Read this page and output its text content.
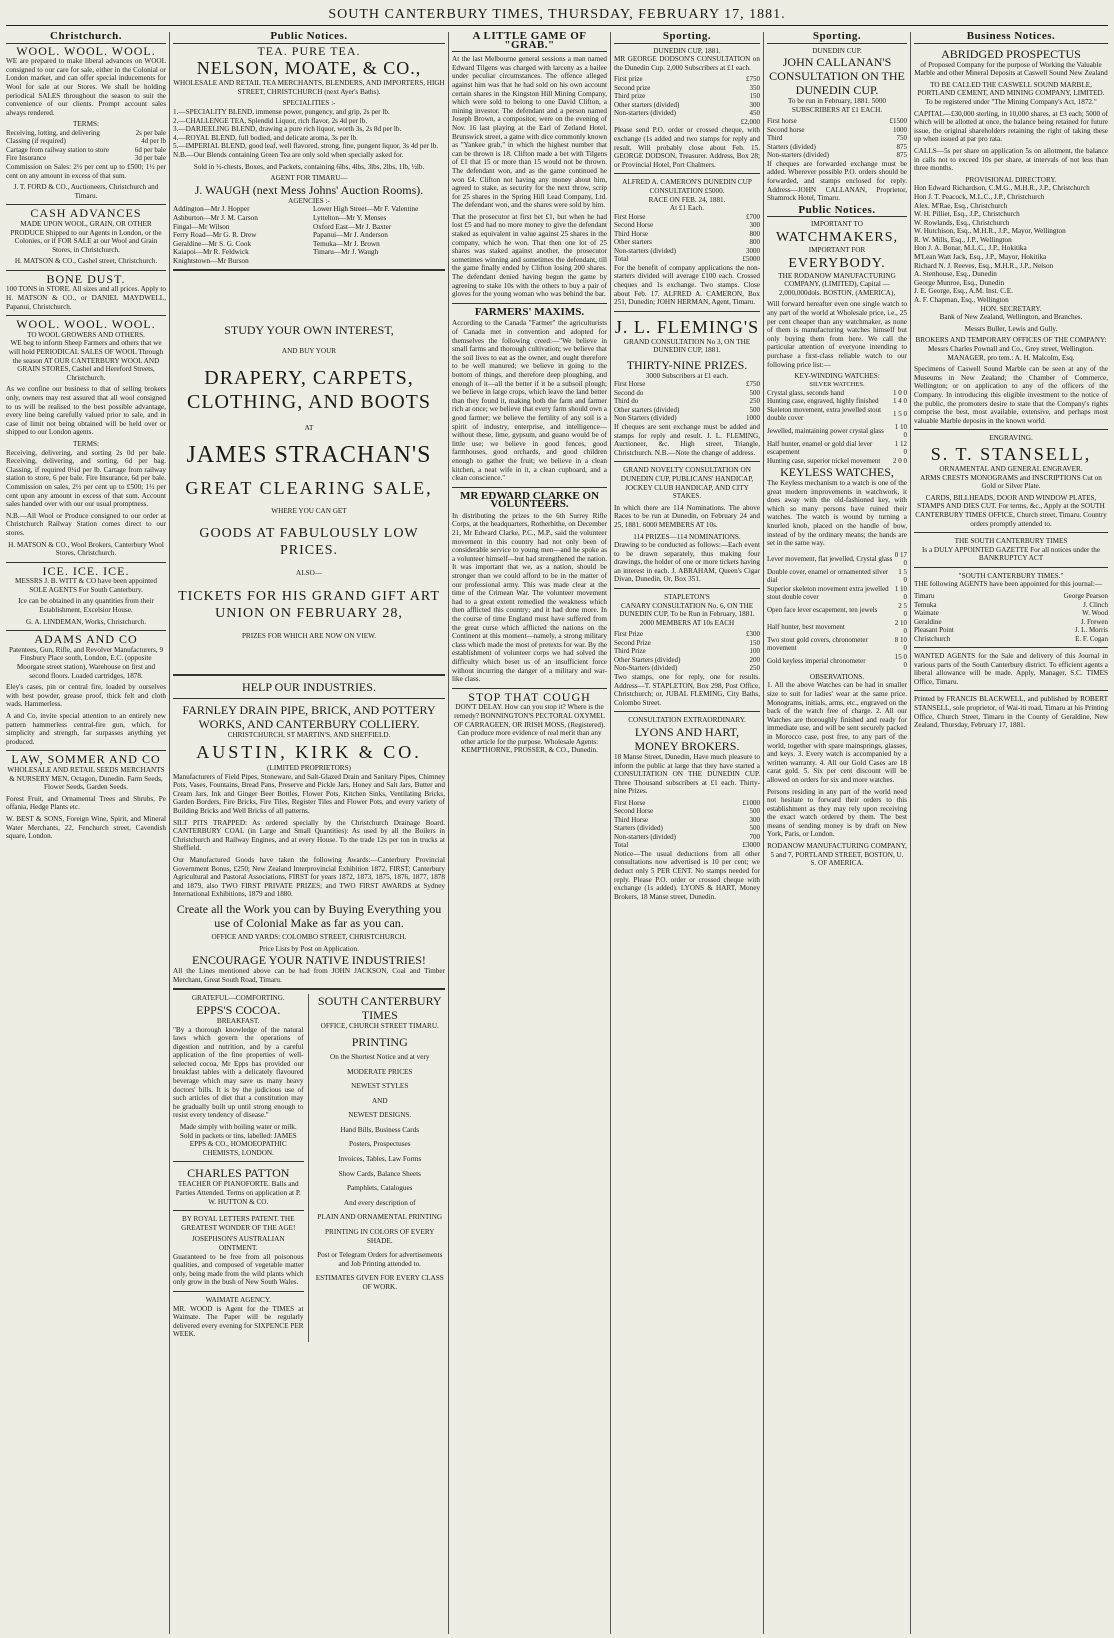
SOUTH CANTERBURY TIMES, THURSDAY, FEBRUARY 17, 1881.
Christchurch.
WOOL. WOOL. WOOL.

WE are prepared to make liberal advances on WOOL consigned to our care for sale, either in the Colonial or London market, and can offer special inducements for Wool for sale at our Stores. We shall be holding periodical SALES throughout the season to suit the convenience of our clients. Prompt account sales always rendered.

TERMS:
Receiving, lotting, and delivering	2s per bale
Classing (if required)	4d per lb
Cartage from railway station to store	6d per bale
Fire Insurance	3d per bale

Commission on Sales: 2½ per cent up to £500; 1½ per cent on any amount in excess of that sum.

J. T. FORD & CO., Auctioneers, Christchurch and Timaru.

CASH ADVANCES

MADE UPON WOOL, GRAIN, OR OTHER PRODUCE Shipped to our Agents in London, or the Colonies, or if FOR SALE at our Wool and Grain Stores, in Christchurch.

H. MATSON & CO., Cashel street, Christchurch.

BONE DUST.

100 TONS in STORE. All sizes and all prices. Apply to H. MATSON & CO., or DANIEL MAYDWELL, Papanui, Christchurch.

WOOL. WOOL. WOOL.
TO WOOL GROWERS AND OTHERS.

WE beg to inform Sheep Farmers and others that we will hold PERIODICAL SALES OF WOOL Through the season AT OUR CANTERBURY WOOL AND GRAIN STORES, Cashel and Hereford Streets, Christchurch.

As we confine our business to that of selling brokers only, owners may rest assured that all wool consigned to us will be realised to the best possible advantage, every line being carefully valued prior to sale, and in case of limit not being obtained will be held over or shipped to our London agents.

TERMS:

Receiving, delivering, and sorting 2s 0d per bale. Receiving, delivering, and sorting, 6d per bag. Classing, if required 0¼d per lb. Cartage from railway station to store, 6 per bale. Fire Insurance, 6d per bale. Commission on sales, 2½ per cent up to £500; 1½ per cent upon any amount in excess of that sum. Account sales handed over with our our usual promptness.

N.B.—All Wool or Produce consigned to our order at Christchurch Railway Station comes direct to our stores.

H. MATSON & CO., Wool Brokers, Canterbury Wool Stores, Christchurch.

ICE. ICE. ICE.

MESSRS J. B. WITT & CO have been appointed SOLE AGENTS For South Canterbury.

Ice can be obtained in any quantities from their Establishment, Excelsior House.

G. A. LINDEMAN, Works, Christchurch.

ADAMS AND CO

Patentees, Gun, Rifle, and Revolver Manufacturers, 9 Finsbury Place south, London, E.C. (opposite Moorgate street station), Warehouse on first and second floors. Loaded cartridges, 1878.

Eley's cases, pin or central fire, loaded by ourselves with best powder, grease proof, thick felt and cloth wads. Hammerless.

A and Co, invite special attention to an entirely new pattern hammerless central-fire gun, which, for simplicity and strength, far surpasses anything yet produced.

LAW, SOMMER AND CO

WHOLESALE AND RETAIL SEEDS MERCHANTS & NURSERY MEN, Octagon, Dunedin. Farm Seeds, Flower Seeds, Garden Seeds.

Forest Fruit, and Ornamental Trees and Shrubs, Pe offania, Hedge Plants etc.

W. BEST & SONS, Foreign Wine, Spirit, and Mineral Water Merchants, 22, Fenchurch street, Cavendish square, London.

Public Notices.
TEA. PURE TEA.
NELSON, MOATE, & CO.,

WHOLESALE AND RETAIL TEA MERCHANTS, BLENDERS, AND IMPORTERS, HIGH STREET, CHRISTCHURCH (next Ayer's Baths).

SPECIALITIES :-
1.—SPECIALITY BLEND, immense power, pungency, and grip, 2s per lb.
2.—CHALLENGE TEA, Splendid Liquor, rich flavor, 2s 4d per lb.
3.—DARJEELING BLEND, drawing a pure rich liquor, worth 3s, 2s 8d per lb.
4.—ROYAL BLEND, full bodied, and delicate aroma, 3s per lb.
5.—IMPERIAL BLEND, good leaf, well flavored, strong, fine, pungent liquor, 3s 4d per lb.

N.B.—Our Blends containing Green Tea are only sold when specially asked for.

Sold in ½-chests, Boxes, and Packets, containing 6lbs, 4lbs, 3lbs, 2lbs, 1lb, ½lb.

AGENT FOR TIMARU—
J. WAUGH (next Mess Johns' Auction Rooms).
AGENCIES :-
Addington—Mr J. Hopper
Ashburton—Mr J. M. Carson
Fingal—Mr Wilson
Ferry Road—Mr G. R. Drew
Geraldine—Mr S. G. Cook
Kaiapoi—Mr R. Feldwick
Knightstown—Mr Burson
Lower High Street—Mr F. Valentine
Lyttelton—Mr Y. Menses
Oxford East—Mr J. Baxter
Papanui—Mr J. Anderson
Temuka—Mr J. Brown
Timaru—Mr J. Waugh
STUDY YOUR OWN INTEREST,
AND BUY YOUR
DRAPERY, CARPETS, CLOTHING, AND BOOTS
AT
JAMES STRACHAN'S
GREAT CLEARING SALE,
WHERE YOU CAN GET
GOODS AT FABULOUSLY LOW PRICES.
ALSO—
TICKETS FOR HIS GRAND GIFT ART UNION ON FEBRUARY 28,
PRIZES FOR WHICH ARE NOW ON VIEW.
HELP OUR INDUSTRIES.
FARNLEY DRAIN PIPE, BRICK, AND POTTERY WORKS, AND CANTERBURY COLLIERY.
CHRISTCHURCH, ST MARTIN'S, AND SHEFFIELD.
AUSTIN, KIRK & CO.
(LIMITED PROPRIETORS)

Manufacturers of Field Pipes, Stoneware, and Salt-Glazed Drain and Sanitary Pipes, Chimney Pots, Vases, Fountains, Bread Pans, Preserve and Pickle Jars, Honey and Salt Jars, Butter and Cream Jars, Ink and Ginger Beer Bottles, Flower Pots, Kitchen Sinks, Ventilating Bricks, Garden Borders, Fire Bricks, Fire Tiles, Register Tiles and Flower Pots, and every variety of Building Bricks and Well Bricks of all patterns.

SILT PITS TRAPPED: As ordered specially by the Christchurch Drainage Board. CANTERBURY COAL (in Large and Small Quantities): As used by all the Boilers in Christchurch and Railway Engines, and at every House. To the trade 12s per ton in trucks at Sheffield.

Our Manufactured Goods have taken the following Awards:—Canterbury Provincial Government Bonus, £250; New Zealand Interprovincial Exhibition 1872, FIRST; Canterbury Agricultural and Pastoral Associations, FIRST for years 1872, 1873, 1875, 1876, 1877, 1878 and 1879, also TWO FIRST PRIVATE PRIZES; and TWO FIRST AWARDS at Sydney International Exhibitions, 1879 and 1880.

Create all the Work you can by Buying Everything you use of Colonial Make as far as you can.
OFFICE AND YARDS: COLOMBO STREET, CHRISTCHURCH.
Price Lists by Post on Application.
ENCOURAGE YOUR NATIVE INDUSTRIES!

All the Lines mentioned above can be had from JOHN JACKSON, Coal and Timber Merchant, Great South Road, Timaru.

GRATEFUL—COMFORTING.
EPPS'S COCOA.
BREAKFAST.

"By a thorough knowledge of the natural laws which govern the operations of digestion and nutrition, and by a careful application of the fine properties of well-selected cocoa, Mr Epps has provided our breakfast tables with a delicately flavoured beverage which may save us many heavy doctors' bills. It is by the judicious use of such articles of diet that a constitution may be gradually built up until strong enough to resist every tendency of disease."

Made simply with boiling water or milk. Sold in packets or tins, labelled: JAMES EPPS & CO., HOMOEOPATHIC CHEMISTS, LONDON.

CHARLES PATTON

TEACHER OF PIANOFORTE. Balls and Parties Attended. Terms on application at P. W. HUTTON & CO.

BY ROYAL LETTERS PATENT. THE GREATEST WONDER OF THE AGE!

JOSEPHSON'S AUSTRALIAN OINTMENT.

Guaranteed to be free from all poisonous qualities, and composed of vegetable matter only, being made from the wild plants which only grow in the bush of New South Wales.

WAIMATE AGENCY.

MR. WOOD is Agent for the TIMES at Waimate. The Paper will be regularly delivered every evening for SIXPENCE PER WEEK.

SOUTH CANTERBURY TIMES
OFFICE, CHURCH STREET TIMARU.
PRINTING
On the Shortest Notice and at very
MODERATE PRICES
NEWEST STYLES
AND
NEWEST DESIGNS.
Hand Bills, Business Cards
Posters, Prospectuses
Invoices, Tables, Law Forms
Show Cards, Balance Sheets
Pamphlets, Catalogues
And every description of
PLAIN AND ORNAMENTAL PRINTING
PRINTING IN COLORS OF EVERY SHADE.
Post or Telegram Orders for advertisements and Job Printing attended to.
ESTIMATES GIVEN FOR EVERY CLASS OF WORK.
A LITTLE GAME OF "GRAB."

At the last Melbourne general sessions a man named Edward Tilgens was charged with larceny as a bailee under peculiar circumstances. The offence alleged against him was that he had sold on his own account certain shares in the Kingston Hill Mining Company, which were sold to belong to one David Clifton, a mining investor. The defendant and a person named Joseph Brown, a compositor, were on the evening of Nov. 16 last playing at the Earl of Zetland Hotel, Brunswick street, a game with dice commonly known as "Yankee grab," in which the highest number that can be thrown is 18. Clifton made a bet with Tilgens of £1 that 15 or more than 15 would not be thrown. The defendant won, and as the game continued he won £4. Clifton not having any money about him, agreed to stake, as security for the next throw, scrip for 25 shares in the Spring Hill Lead Company, Ltd. The defendant won, and the shares were sold by him.

That the prosecutor at first bet £1, but when he had lost £5 and had no more money to give the defendant staked as equivalent in value against 25 shares in the company, which he won. That then one lot of 25 shares was staked against another, the prosecutor sometimes winning and sometimes the defendant, till the game finally ended by Clifton losing 200 shares. The defendant denied having begun the game by agreeing to stake 10s with the others to buy a pair of gloves for the young woman who was behind the bar.

FARMERS' MAXIMS.

According to the Canada "Farmer" the agriculturists of Canada met in convention and adopted for themselves the following creed:—"We believe in small farms and thorough cultivation; we believe that the soil lives to eat as the owner, and ought therefore to be well manured; we believe in going to the bottom of things, and therefore deep ploughing, and enough of it—all the better if it be a subsoil plough; we believe in large crops, which leave the land better than they found it, making both the farm and farmer rich at once; we believe that every farm should own a good farmer; we believe the fertility of any soil is a spirit of industry, enterprise, and intelligence—without these, lime, gypsum, and guano would be of little use; we believe in good fences, good farmhouses, good orchards, and good children enough to gather the fruit; we believe in a clean kitchen, a neat wife in it, a clean cupboard, and a clean conscience."

MR EDWARD CLARKE ON VOLUNTEERS.

In distributing the prizes to the 6th Surrey Rifle Corps, at the headquarters, Rotherhithe, on December 21, Mr Edward Clarke, P.C., M.P., said the volunteer movement in this country had not only been of considerable service to young men—and he spoke as a volunteer himself—but had strengthened the nation. It was important that we, as a nation, should be stronger than we could afford to be in the matter of our professional army. This was made clear at the time of the Crimean War. The volunteer movement had to a great extent remedied the weakness which then afflicted this country; and it had done more. In the course of time England must have suffered from the great curse which afflicted the nations on the Continent at this moment—namely, a strong military class which made the most of pretexts for war. By the establishment of volunteer corps we had solved the difficulty which beset us of an insufficient force without incurring the danger of a military and war-like class.

STOP THAT COUGH

DON'T DELAY. How can you stop it? Where is the remedy? BONNINGTON'S PECTORAL OXYMEL OF CARRAGEEN, OR IRISH MOSS, (Registered). Can produce more evidence of real merit than any other article for the purpose. Wholesale Agents: KEMPTHORNE, PROSSER, & CO., Dunedin.

Sporting.
DUNEDIN CUP, 1881.

MR GEORGE DODSON'S CONSULTATION on the Dunedin Cup. 2,000 Subscribers at £1 each.

First prize	£750
Second prize	350
Third prize	150
Other starters (divided)	300
Non-starters (divided)	450
	£2,000

Please send P.O. order or crossed cheque, with exchange (1s added and two stamps for reply and result. Will probably close about Feb. 15. GEORGE DODSON, Treasurer. Address, Box 28; or Provincial Hotel, Port Chalmers.

ALFRED A. CAMERON'S DUNEDIN CUP CONSULTATION £5000.
RACE ON FEB. 24, 1881.
At £1 Each.
First Horse	£700
Second Horse	300
Third Horse	800
Other starters	800
Non-starters (divided)	3000
Total	£5000

For the benefit of company applications the non-starters divided will average £100 each. Crossed cheques and 1s exchange. Two stamps. Close about Feb. 17. ALFRED A. CAMERON, Box 251, Dunedin; JOHN HERMAN, Agent, Timaru.

J. L. FLEMING'S

GRAND CONSULTATION No 3, ON THE DUNEDIN CUP, 1881.

THIRTY-NINE PRIZES.
3000 Subscribers at £1 each.
First Horse	£750
Second do	500
Third do	250
Other starters (divided)	500
Non Starters (divided)	1000

If cheques are sent exchange must be added and stamps for reply and result. J. L. FLEMING, Auctioneer, &c. High street, Triangle, Christchurch. N.B.—Note the change of address.

GRAND NOVELTY CONSULTATION ON DUNEDIN CUP, PUBLICANS' HANDICAP, JOCKEY CLUB HANDICAP, AND CITY STAKES.

In which there are 114 Nominations. The above Races to be run at Dunedin, on February 24 and 25, 1881. 6000 MEMBERS AT 10s.

114 PRIZES—114 NOMINATIONS.

Drawing to be conducted as follows:—Each event to be drawn separately, thus making four drawings, the holder of one or more tickets having an interest in each. J. ABRAHAM, Queen's Cigar Divan, Dunedin, Or, Box 351.

STAPLETON'S

CANARY CONSULTATION No. 6, ON THE DUNEDIN CUP, To be Run in February, 1881. 2000 MEMBERS AT 10s EACH

First Prize	£300
Second Prize	150
Third Prize	100
Other Starters (divided)	200
Non-Starters (divided)	250

Two stamps, one for reply, one for results. Address—T. STAPLETON, Box 298, Post Office, Christchurch; or, JUBAL FLEMING, City Baths, Colombo Street.

CONSULTATION EXTRAORDINARY.
LYONS AND HART, MONEY BROKERS.

18 Manse Street, Dunedin, Have much pleasure to inform the public at large that they have started a CONSULTATION ON THE DUNEDIN CUP. Three Thousand subscribers at £1 each. Thirty-nine Prizes.

First Horse	£1000
Second Horse	500
Third Horse	300
Starters (divided)	500
Non-starters (divided)	700
Total	£3000

Notice—The usual deductions from all other consultations now advertised is 10 per cent; we deduct only 5 PER CENT. No stamps needed for reply. Please P.O. order or crossed cheque with exchange (1s added). LYONS & HART, Money Brokers, 18 Manse street, Dunedin.

Sporting.
DUNEDIN CUP.
JOHN CALLANAN'S CONSULTATION ON THE DUNEDIN CUP.

To be run in February, 1881. 5000 SUBSCRIBERS AT £1 EACH.

First horse	£1500
Second horse	1000
Third	750
Starters (divided)	875
Non-starters (divided)	875

If cheques are forwarded exchange must be added. Wherever possible P.O. orders should be forwarded, and stamps enclosed for reply. Address—JOHN CALLANAN, Proprietor, Shamrock Hotel, Timaru.

Public Notices.
IMPORTANT TO
WATCHMAKERS,
IMPORTANT FOR
EVERYBODY.

THE RODANOW MANUFACTURING COMPANY, (LIMITED), Capital — 2,000,000dols. BOSTON, (AMERICA),

Will forward hereafter even one single watch to any part of the world at Wholesale price, i.e., 25 per cent cheaper than any watchmaker, as none of them is manufacturing watches himself but only buying them from here. We call the particular attention of everyone intending to purchase a first-class reliable watch to our following price list:—

KEY-WINDING WATCHES:
SILVER WATCHES.
Crystal glass, seconds hand	1 0 0
Hunting case, engraved, highly finished	1 4 0
Skeleton movement, extra jewelled stout double cover	1 5 0
Jewelled, maintaining power crystal glass	1 10 0
Half hunter, enamel or gold dial lever escapement	1 12 0
Hunting case, superior nickel movement	2 0 0
KEYLESS WATCHES,

The Keyless mechanism to a watch is one of the great modern improvements in watchwork, it does away with the old-fashioned key, with which so many persons have ruined their watches. The watch is wound by turning a knurled knob, placed on the handle of bow, instead of by the ordinary means; the hands are set in the same way.

Lever movement, flat jewelled, Crystal glass	0 17 0
Double cover, enamel or ornamented silver dial	1 5 0
Superior skeleton movement extra jewelled stout double cover	1 10 0
Open face lever escapement, ten jewels	2 5 0
Half hunter, best movement	2 10 0
Two stout gold covers, chronometer movement	8 10 0
Gold keyless imperial chronometer	15 0 0
OBSERVATIONS.

1. All the above Watches can be had in smaller size to suit for ladies' wear at the same price. Monograms, initials, arms, etc., engraved on the back of the watch free of charge. 2. All our Watches are thoroughly finished and ready for immediate use, and will be sent securely packed in Morocco case, post free, to any part of the world, together with spare mainsprings, glasses, and keys. 3. Every watch is accompanied by a written warranty. 4. All our Gold Cases are 18 carat gold. 5. Six per cent discount will be allowed on orders for six and more watches.

Persons residing in any part of the world need not hesitate to forward their orders to this establishment as they may rely upon receiving the exact watch ordered by them. The best means of sending money is by draft on New York, Paris, or London.

RODANOW MANUFACTURING COMPANY, 5 and 7, PORTLAND STREET, BOSTON, U. S. OF AMERICA.

Business Notices.
ABRIDGED PROSPECTUS

of Proposed Company for the purpose of Working the Valuable Marble and other Mineral Deposits at Caswell Sound New Zealand

TO BE CALLED THE CASWELL SOUND MARBLE, PORTLAND CEMENT, AND MINING COMPANY, LIMITED. To be registered under "The Mining Company's Act, 1872."

CAPITAL—£30,000 sterling, in 10,000 shares, at £3 each; 5000 of which will be allotted at once, the balance being retained for future issue, the original shareholders retaining the right of taking these up when issued at par pro rata.

CALLS—5s per share on application 5s on allotment, the balance in calls not to exceed 10s per share, at intervals of not less than three months.

PROVISIONAL DIRECTORY.
Hon Edward Richardson, C.M.G., M.H.R., J.P., Christchurch
Hon J. T. Peacock, M.L.C., J.P., Christchurch
Alex. M'Rae, Esq., Christchurch
W. H. Pilliet, Esq., J.P., Christchurch
W. Rowlands, Esq., Christchurch
W. Hutchison, Esq., M.H.R., J.P., Mayor, Wellington
R. W. Mills, Esq., J.P., Wellington
Hon J. A. Bonar, M.L.C., J.P., Hokitika
M'Lean Watt Jack, Esq., J.P., Mayor, Hokitika
Richard N. J. Reeves, Esq., M.H.R., J.P., Nelson
A. Stenhouse, Esq., Dunedin
George Munroe, Esq., Dunedin
J. E. George, Esq., A.M. Inst. C.E.
A. F. Chapman, Esq., Wellington
HON. SECRETARY.

Bank of New Zealand, Wellington, and Branches.

Messrs Buller, Lewis and Gully.

BROKERS AND TEMPORARY OFFICES OF THE COMPANY: Messrs Charles Pownall and Co., Grey street, Wellington. MANAGER, pro tem.: A. H. Malcolm, Esq.

Specimens of Caswell Sound Marble can be seen at any of the Museums in New Zealand; the Chamber of Commerce, Wellington; or on application to any of the officers of the Company. In introducing this eligible investment to the notice of the public, the promoters desire to state that the Company's rights comprise the best, most available, extensive, and perhaps most valuable Marble deposits in the known world.

ENGRAVING.
S. T. STANSELL,
ORNAMENTAL AND GENERAL ENGRAVER.

ARMS CRESTS MONOGRAMS and INSCRIPTIONS Cut on Gold or Silver Plate.

CARDS, BILLHEADS, DOOR AND WINDOW PLATES, STAMPS AND DIES CUT. For terms, &c., Apply at the SOUTH CANTERBURY TIMES OFFICE, Church street, Timaru. Country orders promptly attended to.

THE SOUTH CANTERBURY TIMES

Is a DULY APPOINTED GAZETTE For all notices under the BANKRUPTCY ACT

"SOUTH CANTERBURY TIMES."

THE following AGENTS have been appointed for this journal:—

Timaru	George Pearson
Temuka	J. Clinch
Waimate	W. Wood
Geraldine	J. Frewen
Pleasant Point	J. L. Morris
Christchurch	E. F. Cogan

WANTED AGENTS for the Sale and delivery of this Journal in various parts of the South Canterbury district. To efficient agents a liberal allowance will be made. Apply, Manager, S.C. TIMES Office, Timaru.

Printed by FRANCIS BLACKWELL, and published by ROBERT STANSELL, sole proprietor, of Wai-iti road, Timaru at his Printing Office, Church Street, Timaru in the County of Geraldine, New Zealand, Thursday, February 17, 1881.
